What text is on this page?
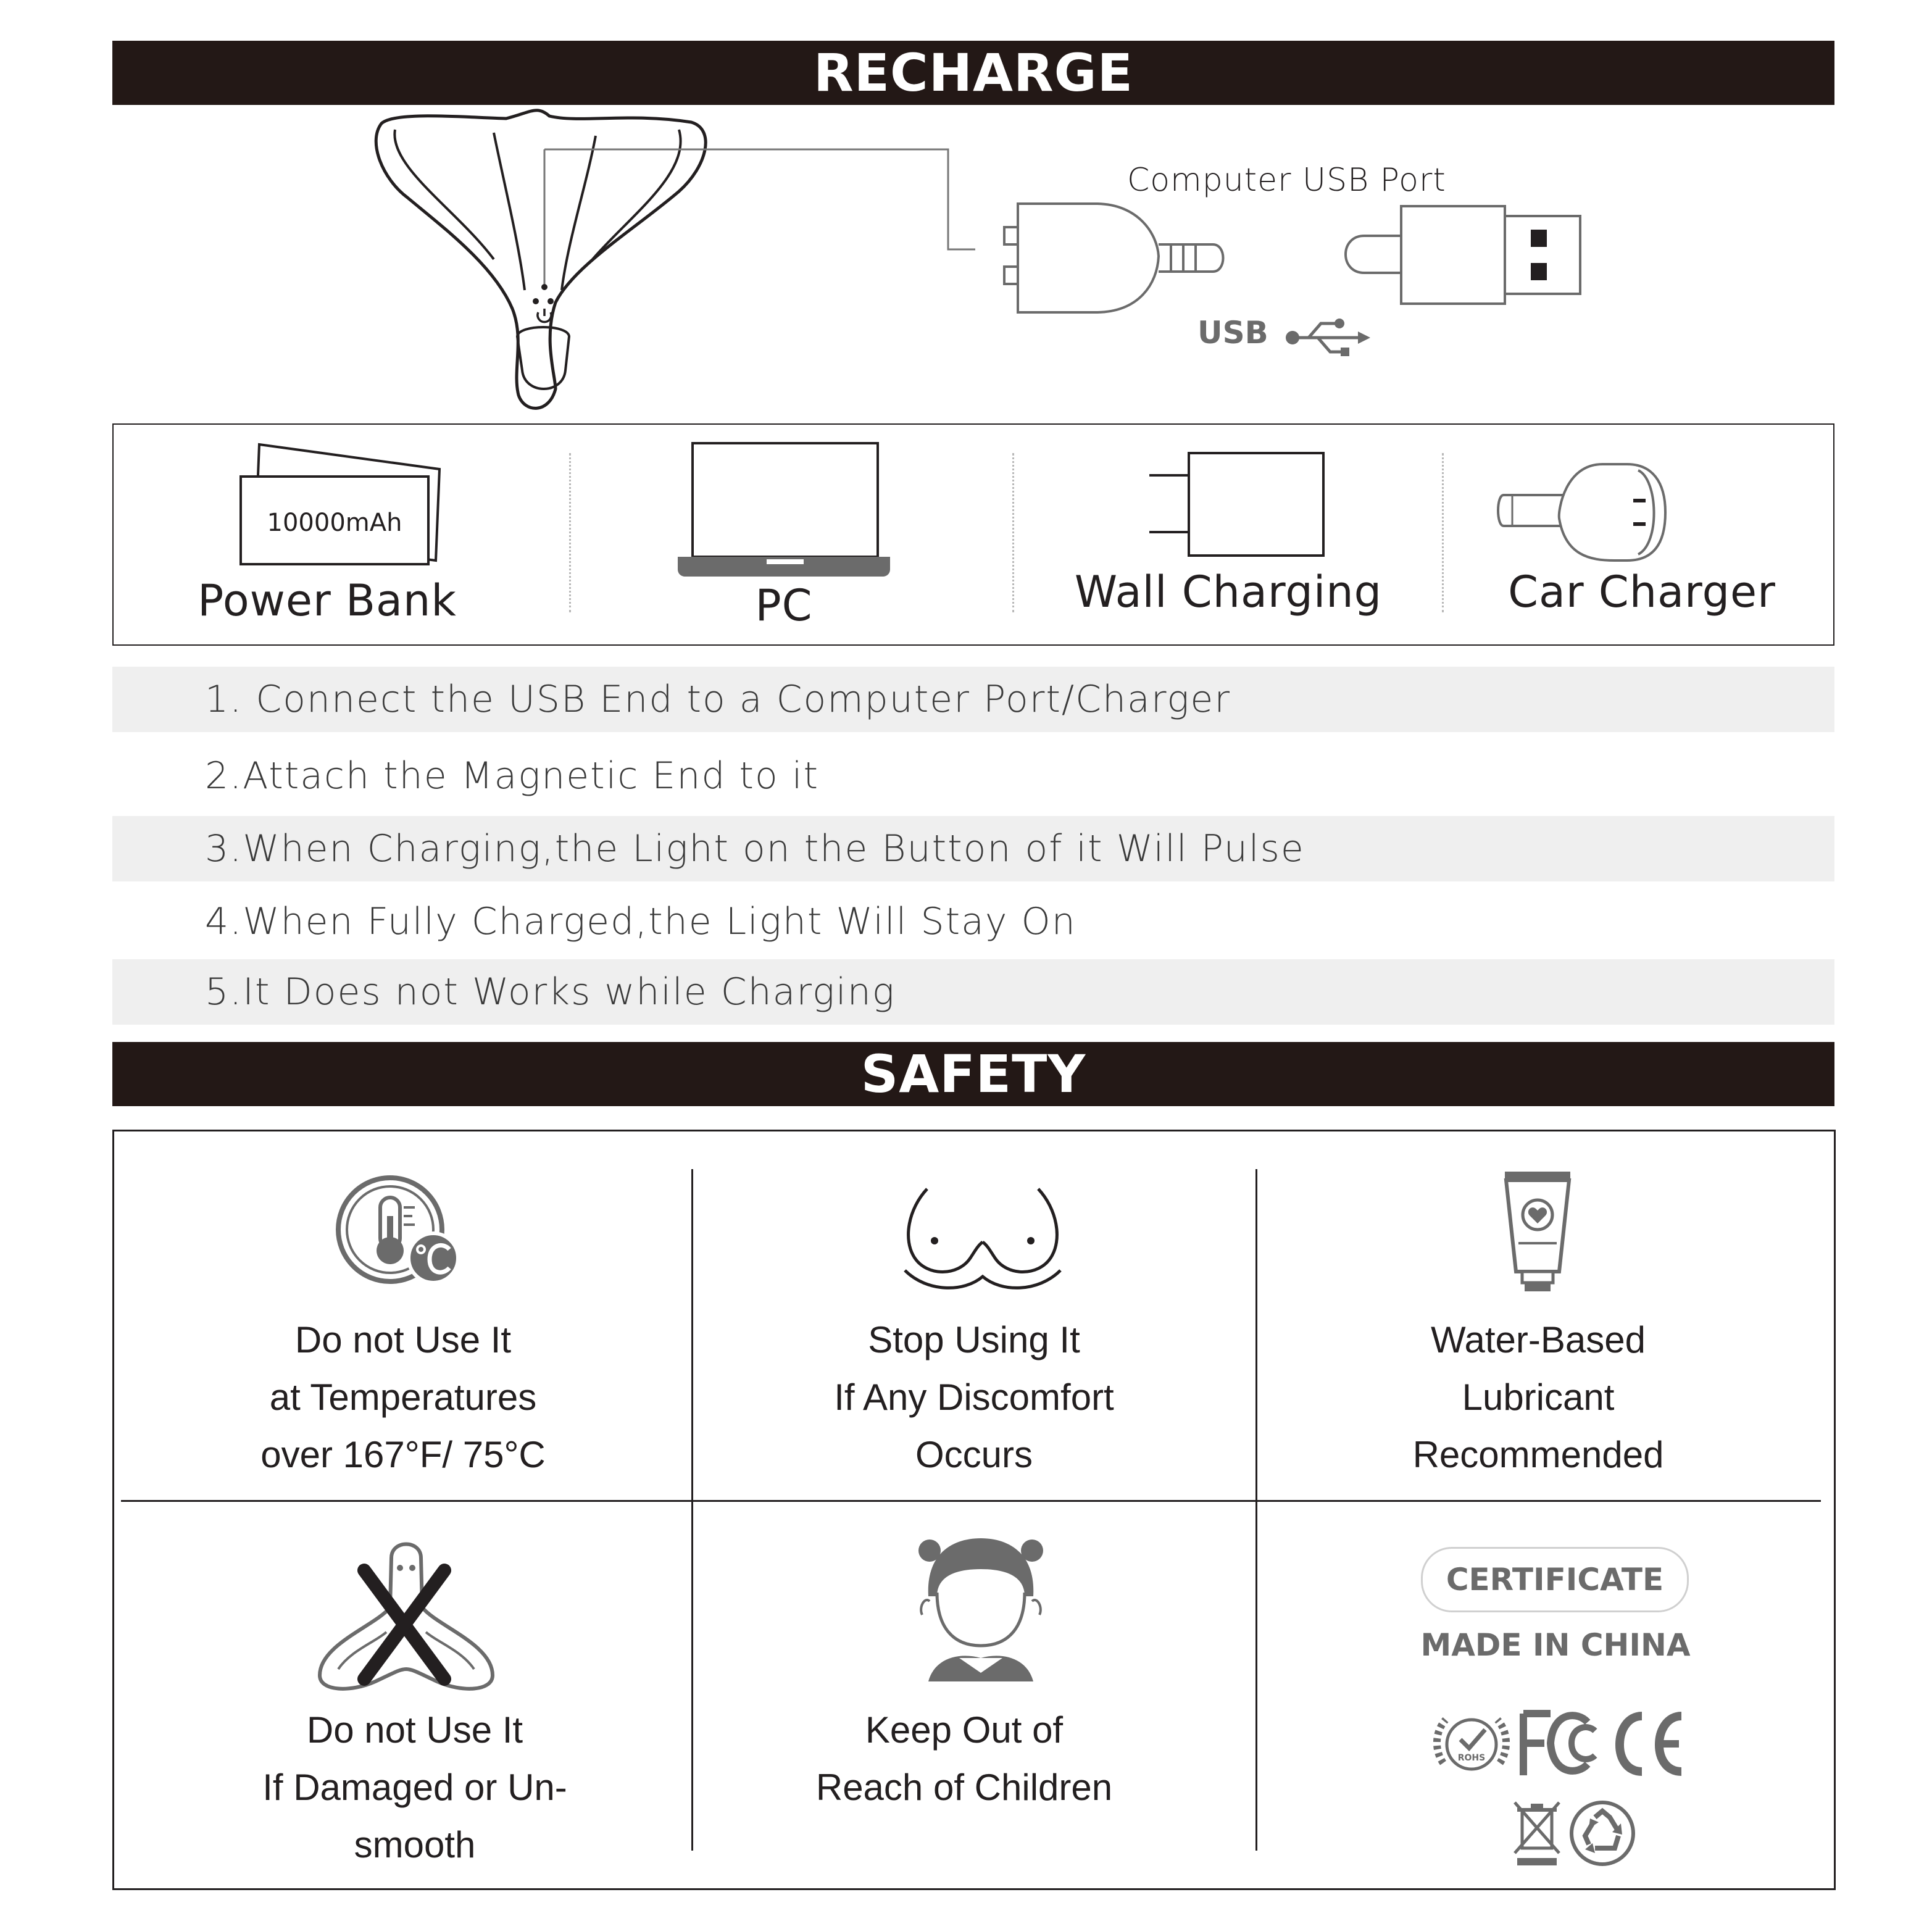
RECHARGE
Computer USB Port
USB
10000mAh
Power Bank	PC	Wall Charging	Car Charger
1. Connect the USB End to a Computer Port/Charger
2.Attach the Magnetic End to it
3.When Charging,the Light on the Button of it Will Pulse
4.When Fully Charged,the Light Will Stay On
5.It Does not Works while Charging
SAFETY
Do not Use It
at Temperatures
over 167°F/ 75°C
Stop Using It
If Any Discomfort
Occurs
Water-Based
Lubricant
Recommended
Do not Use It
If Damaged or Un-
smooth
Keep Out of
Reach of Children
CERTIFICATE
MADE IN CHINA
ROHS
